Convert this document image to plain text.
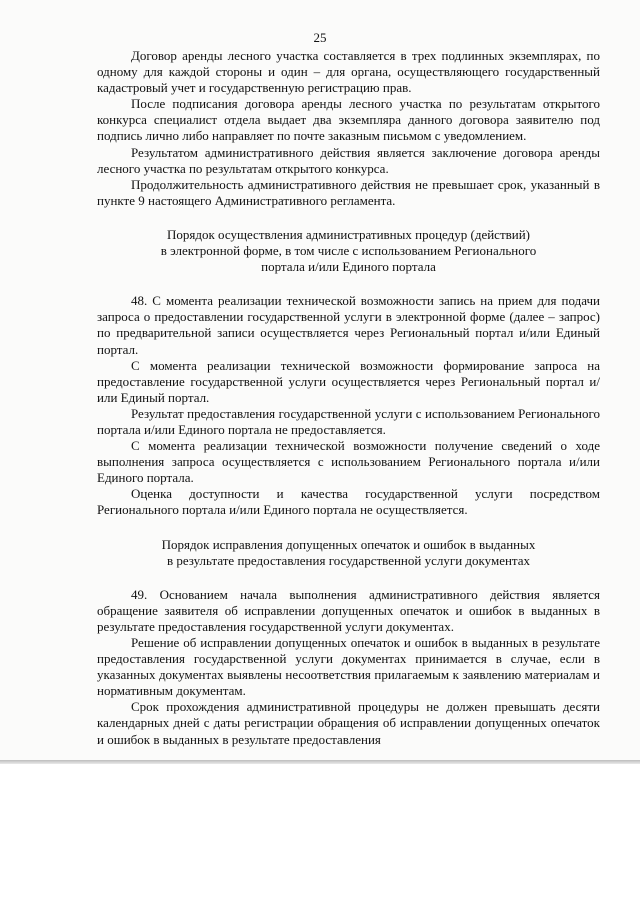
25

Договор аренды лесного участка составляется в трех подлинных экземплярах, по одному для каждой стороны и один – для органа, осуществляющего государственный кадастровый учет и государственную регистрацию прав.

После подписания договора аренды лесного участка по результатам открытого конкурса специалист отдела выдает два экземпляра данного договора заявителю под подпись лично либо направляет по почте заказным письмом с уведомлением.

Результатом административного действия является заключение договора аренды лесного участка по результатам открытого конкурса.

Продолжительность административного действия не превышает срок, указанный в пункте 9 настоящего Административного регламента.

Порядок осуществления административных процедур (действий)
в электронной форме, в том числе с использованием Регионального
портала и/или Единого портала

48. С момента реализации технической возможности запись на прием для подачи запроса о предоставлении государственной услуги в электронной форме (далее – запрос) по предварительной записи осуществляется через Региональный портал и/или Единый портал.

С момента реализации технической возможности формирование запроса на предоставление государственной услуги осуществляется через Региональный портал и/или Единый портал.

Результат предоставления государственной услуги с использованием Регионального портала и/или Единого портала не предоставляется.

С момента реализации технической возможности получение сведений о ходе выполнения запроса осуществляется с использованием Регионального портала и/или Единого портала.

Оценка доступности и качества государственной услуги посредством Регионального портала и/или Единого портала не осуществляется.

Порядок исправления допущенных опечаток и ошибок в выданных
в результате предоставления государственной услуги документах

49. Основанием начала выполнения административного действия является обращение заявителя об исправлении допущенных опечаток и ошибок в выданных в результате предоставления государственной услуги документах.

Решение об исправлении допущенных опечаток и ошибок в выданных в результате предоставления государственной услуги документах принимается в случае, если в указанных документах выявлены несоответствия прилагаемым к заявлению материалам и нормативным документам.

Срок прохождения административной процедуры не должен превышать десяти календарных дней с даты регистрации обращения об исправлении допущенных опечаток и ошибок в выданных в результате предоставления
